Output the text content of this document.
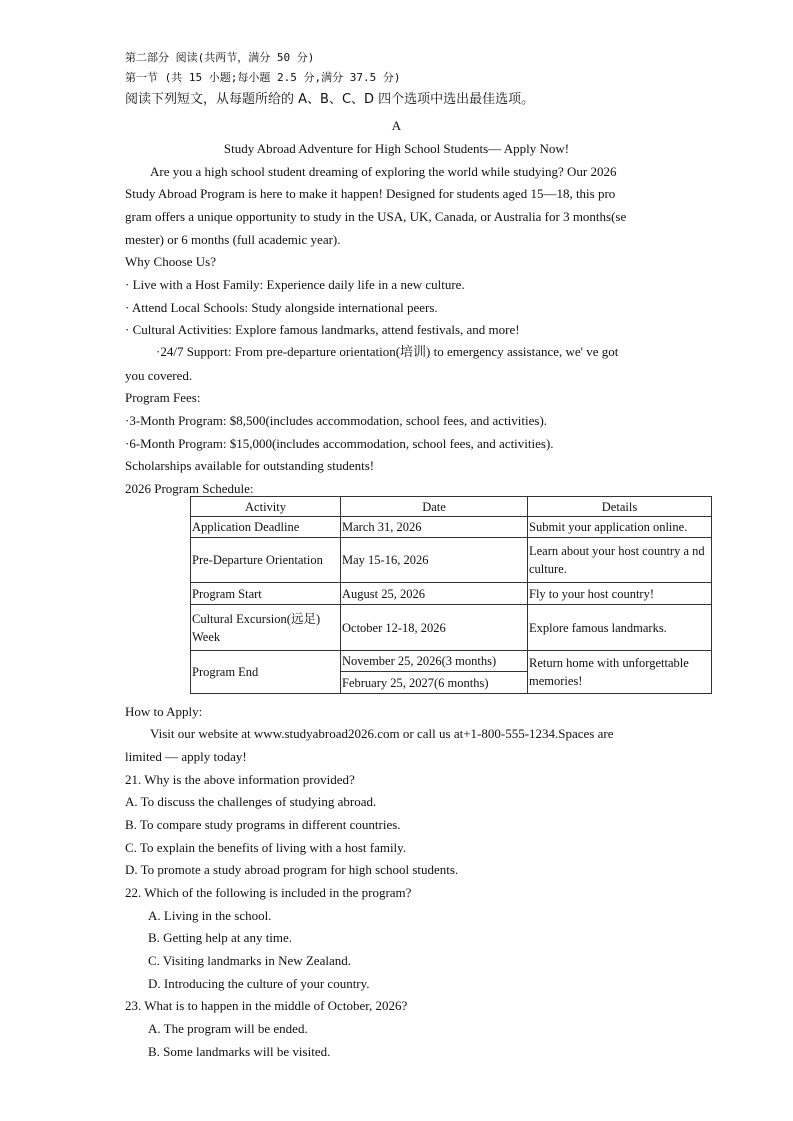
第二部分 阅读(共两节，满分 50 分)
第一节 (共 15 小题;每小题 2.5 分,满分 37.5 分)
阅读下列短文，从每题所给的 A、B、C、D 四个选项中选出最佳选项。
A
Study Abroad Adventure for High School Students— Apply Now!
Are you a high school student dreaming of exploring the world while studying? Our 2026
Study Abroad Program is here to make it happen! Designed for students aged 15—18, this pro
gram offers a unique opportunity to study in the USA, UK, Canada, or Australia for 3 months(se
mester) or 6 months (full academic year).
Why Choose Us?
· Live with a Host Family: Experience daily life in a new culture.
· Attend Local Schools: Study alongside international peers.
· Cultural Activities: Explore famous landmarks, attend festivals, and more!
·24/7 Support: From pre-departure orientation(培训) to emergency assistance, we' ve got
you covered.
Program Fees:
·3-Month Program: $8,500(includes accommodation, school fees, and activities).
·6-Month Program: $15,000(includes accommodation, school fees, and activities).
Scholarships available for outstanding students!
2026 Program Schedule:
Activity	Date	Details
Application Deadline	March 31, 2026	Submit your application online.
Pre-Departure Orientation	May 15-16, 2026	Learn about your host country a nd culture.
Program Start	August 25, 2026	Fly to your host country!
Cultural Excursion(远足) Week	October 12-18, 2026	Explore famous landmarks.
Program End	November 25, 2026(3 months)	Return home with unforgettable memories!
	February 25, 2027(6 months)	
How to Apply:
Visit our website at www.studyabroad2026.com or call us at+1-800-555-1234.Spaces are
limited — apply today!
21. Why is the above information provided?
A. To discuss the challenges of studying abroad.
B. To compare study programs in different countries.
C. To explain the benefits of living with a host family.
D. To promote a study abroad program for high school students.
22. Which of the following is included in the program?
A. Living in the school.
B. Getting help at any time.
C. Visiting landmarks in New Zealand.
D. Introducing the culture of your country.
23. What is to happen in the middle of October, 2026?
A. The program will be ended.
B. Some landmarks will be visited.
